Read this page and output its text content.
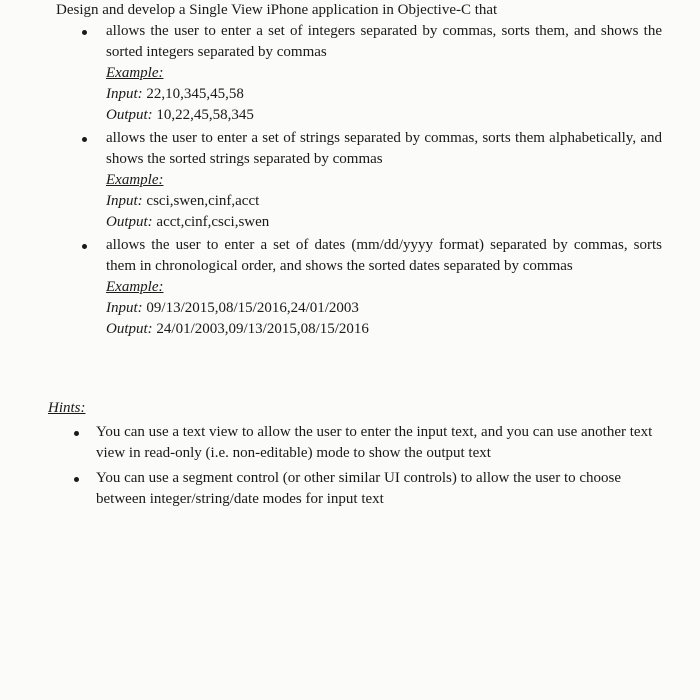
Design and develop a Single View iPhone application in Objective-C that
allows the user to enter a set of integers separated by commas, sorts them, and shows the sorted integers separated by commas
Example:
Input: 22,10,345,45,58
Output: 10,22,45,58,345
allows the user to enter a set of strings separated by commas, sorts them alphabetically, and shows the sorted strings separated by commas
Example:
Input: csci,swen,cinf,acct
Output: acct,cinf,csci,swen
allows the user to enter a set of dates (mm/dd/yyyy format) separated by commas, sorts them in chronological order, and shows the sorted dates separated by commas
Example:
Input: 09/13/2015,08/15/2016,24/01/2003
Output: 24/01/2003,09/13/2015,08/15/2016
Hints:
You can use a text view to allow the user to enter the input text, and you can use another text view in read-only (i.e. non-editable) mode to show the output text
You can use a segment control (or other similar UI controls) to allow the user to choose between integer/string/date modes for input text
